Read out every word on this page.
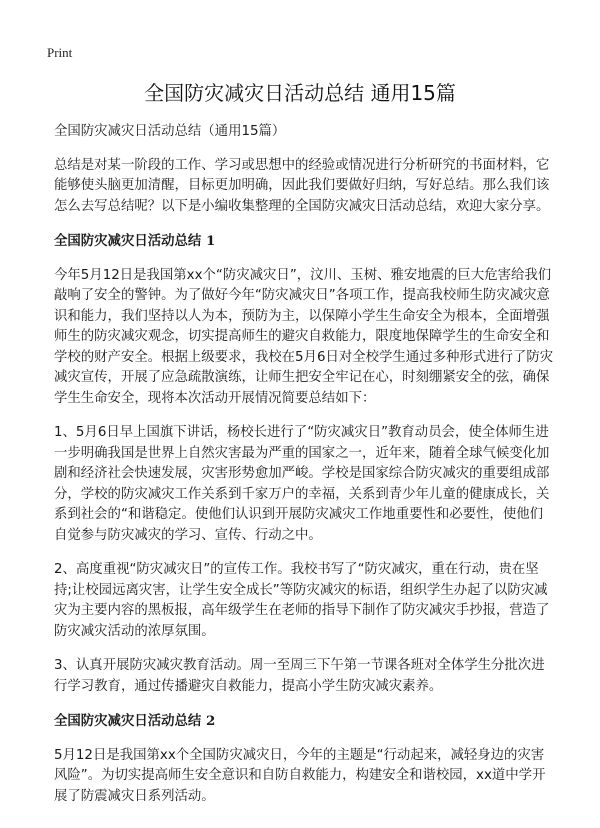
Print
全国防灾减灾日活动总结 通用15篇

全国防灾减灾日活动总结（通用15篇）

总结是对某一阶段的工作、学习或思想中的经验或情况进行分析研究的书面材料，它能够使头脑更加清醒，目标更加明确，因此我们要做好归纳，写好总结。那么我们该怎么去写总结呢？以下是小编收集整理的全国防灾减灾日活动总结，欢迎大家分享。

全国防灾减灾日活动总结 1

今年5月12日是我国第xx个“防灾减灾日”，汶川、玉树、雅安地震的巨大危害给我们敲响了安全的警钟。为了做好今年“防灾减灾日”各项工作，提高我校师生防灾减灾意识和能力，我们坚持以人为本，预防为主，以保障小学生生命安全为根本，全面增强师生的防灾减灾观念，切实提高师生的避灾自救能力，限度地保障学生的生命安全和学校的财产安全。根据上级要求，我校在5月6日对全校学生通过多种形式进行了防灾减灾宣传，开展了应急疏散演练，让师生把安全牢记在心，时刻绷紧安全的弦，确保学生生命安全，现将本次活动开展情况简要总结如下：

1、5月6日早上国旗下讲话，杨校长进行了“防灾减灾日”教育动员会，使全体师生进一步明确我国是世界上自然灾害最为严重的国家之一，近年来，随着全球气候变化加剧和经济社会快速发展，灾害形势愈加严峻。学校是国家综合防灾减灾的重要组成部分，学校的防灾减灾工作关系到千家万户的幸福，关系到青少年儿童的健康成长，关系到社会的“和谐稳定。使他们认识到开展防灾减灾工作地重要性和必要性，使他们自觉参与防灾减灾的学习、宣传、行动之中。

2、高度重视“防灾减灾日”的宣传工作。我校书写了“防灾减灾，重在行动，贵在坚持;让校园远离灾害，让学生安全成长”等防灾减灾的标语，组织学生办起了以防灾减灾为主要内容的黑板报，高年级学生在老师的指导下制作了防灾减灾手抄报，营造了防灾减灾活动的浓厚氛围。

3、认真开展防灾减灾教育活动。周一至周三下午第一节课各班对全体学生分批次进行学习教育，通过传播避灾自救能力，提高小学生防灾减灾素养。

全国防灾减灾日活动总结 2

5月12日是我国第xx个全国防灾减灾日，今年的主题是“行动起来，减轻身边的灾害风险”。为切实提高师生安全意识和自防自救能力，构建安全和谐校园，xx道中学开展了防震减灾日系列活动。
